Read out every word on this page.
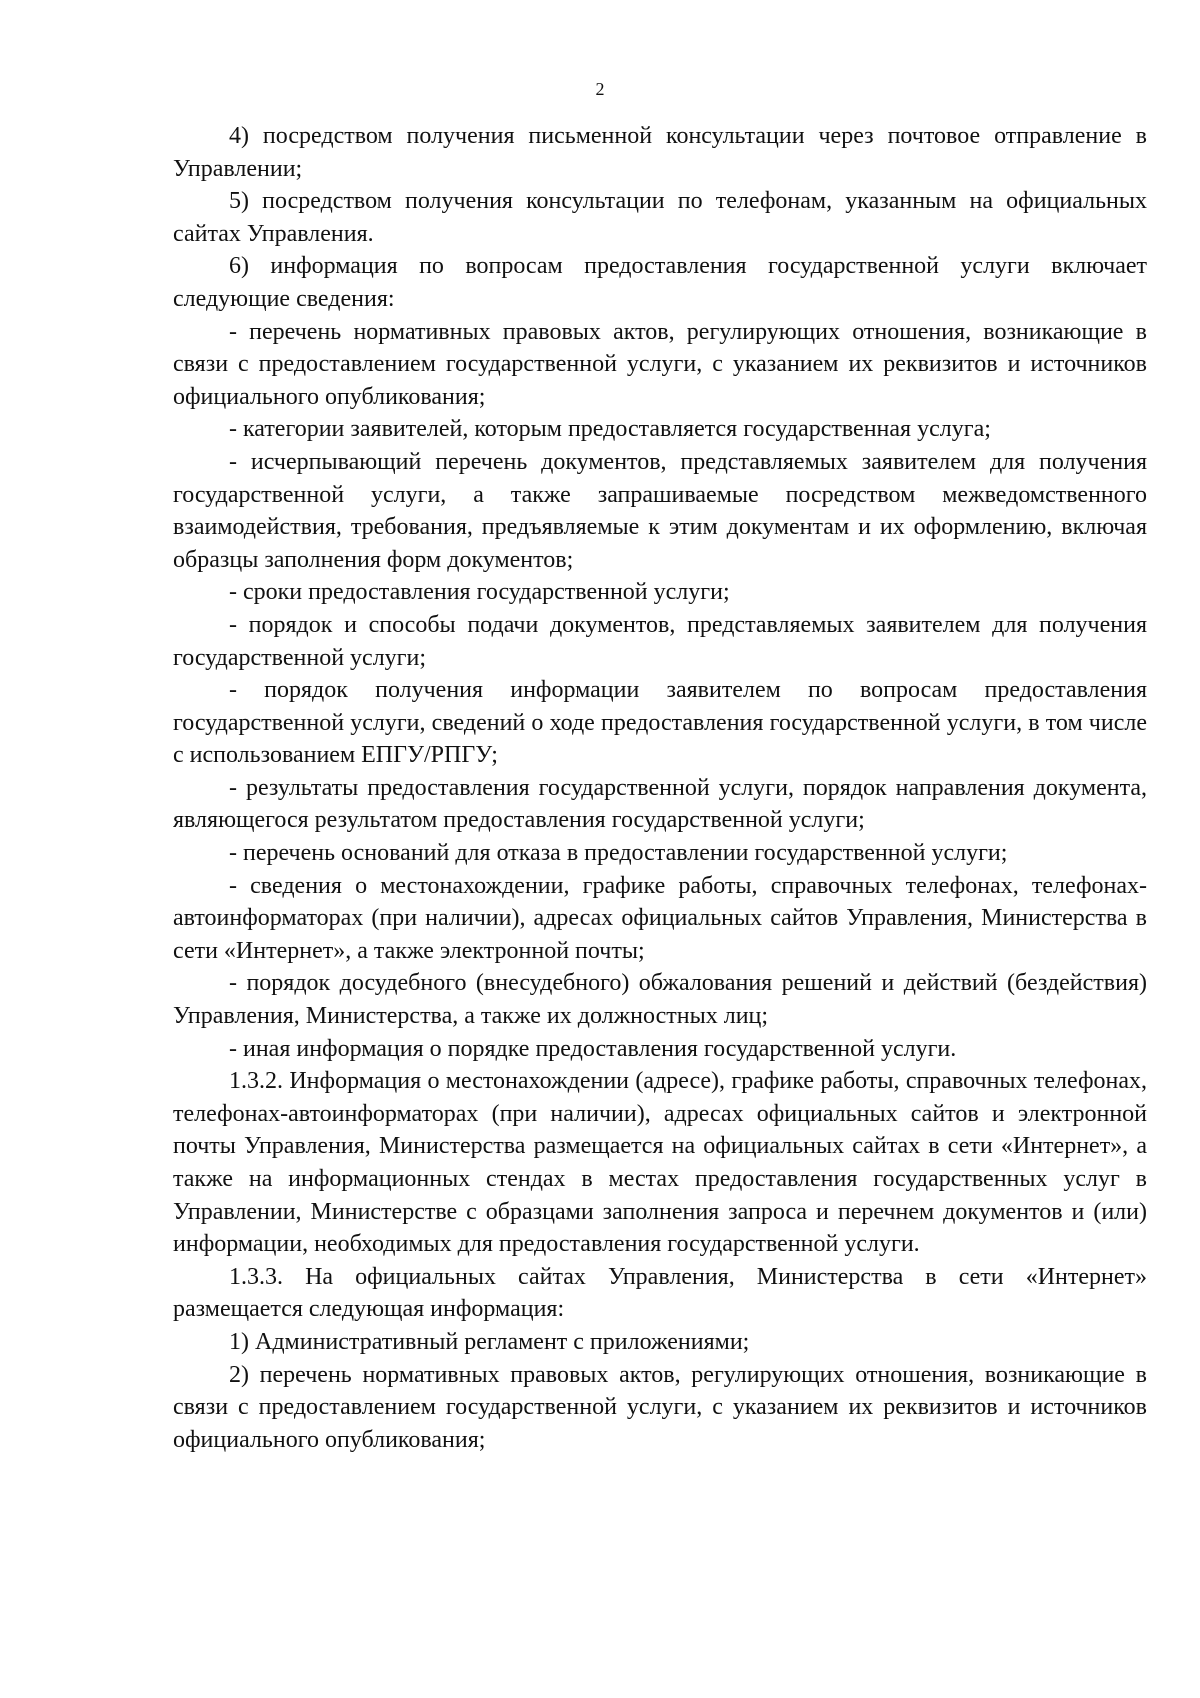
2

4) посредством получения письменной консультации через почтовое отправление в Управлении;

5) посредством получения консультации по телефонам, указанным на официальных сайтах Управления.

6) информация по вопросам предоставления государственной услуги включает следующие сведения:

- перечень нормативных правовых актов, регулирующих отношения, возникающие в связи с предоставлением государственной услуги, с указанием их реквизитов и источников официального опубликования;

- категории заявителей, которым предоставляется государственная услуга;

- исчерпывающий перечень документов, представляемых заявителем для получения государственной услуги, а также запрашиваемые посредством межведомственного взаимодействия, требования, предъявляемые к этим документам и их оформлению, включая образцы заполнения форм документов;

- сроки предоставления государственной услуги;

- порядок и способы подачи документов, представляемых заявителем для получения государственной услуги;

- порядок получения информации заявителем по вопросам предоставления государственной услуги, сведений о ходе предоставления государственной услуги, в том числе с использованием ЕПГУ/РПГУ;

- результаты предоставления государственной услуги, порядок направления документа, являющегося результатом предоставления государственной услуги;

- перечень оснований для отказа в предоставлении государственной услуги;

- сведения о местонахождении, графике работы, справочных телефонах, телефонах-автоинформаторах (при наличии), адресах официальных сайтов Управления, Министерства в сети «Интернет», а также электронной почты;

- порядок досудебного (внесудебного) обжалования решений и действий (бездействия) Управления, Министерства, а также их должностных лиц;

- иная информация о порядке предоставления государственной услуги.

1.3.2. Информация о местонахождении (адресе), графике работы, справочных телефонах, телефонах-автоинформаторах (при наличии), адресах официальных сайтов и электронной почты Управления, Министерства размещается на официальных сайтах в сети «Интернет», а также на информационных стендах в местах предоставления государственных услуг в Управлении, Министерстве с образцами заполнения запроса и перечнем документов и (или) информации, необходимых для предоставления государственной услуги.

1.3.3. На официальных сайтах Управления, Министерства в сети «Интернет» размещается следующая информация:

1) Административный регламент с приложениями;

2) перечень нормативных правовых актов, регулирующих отношения, возникающие в связи с предоставлением государственной услуги, с указанием их реквизитов и источников официального опубликования;
